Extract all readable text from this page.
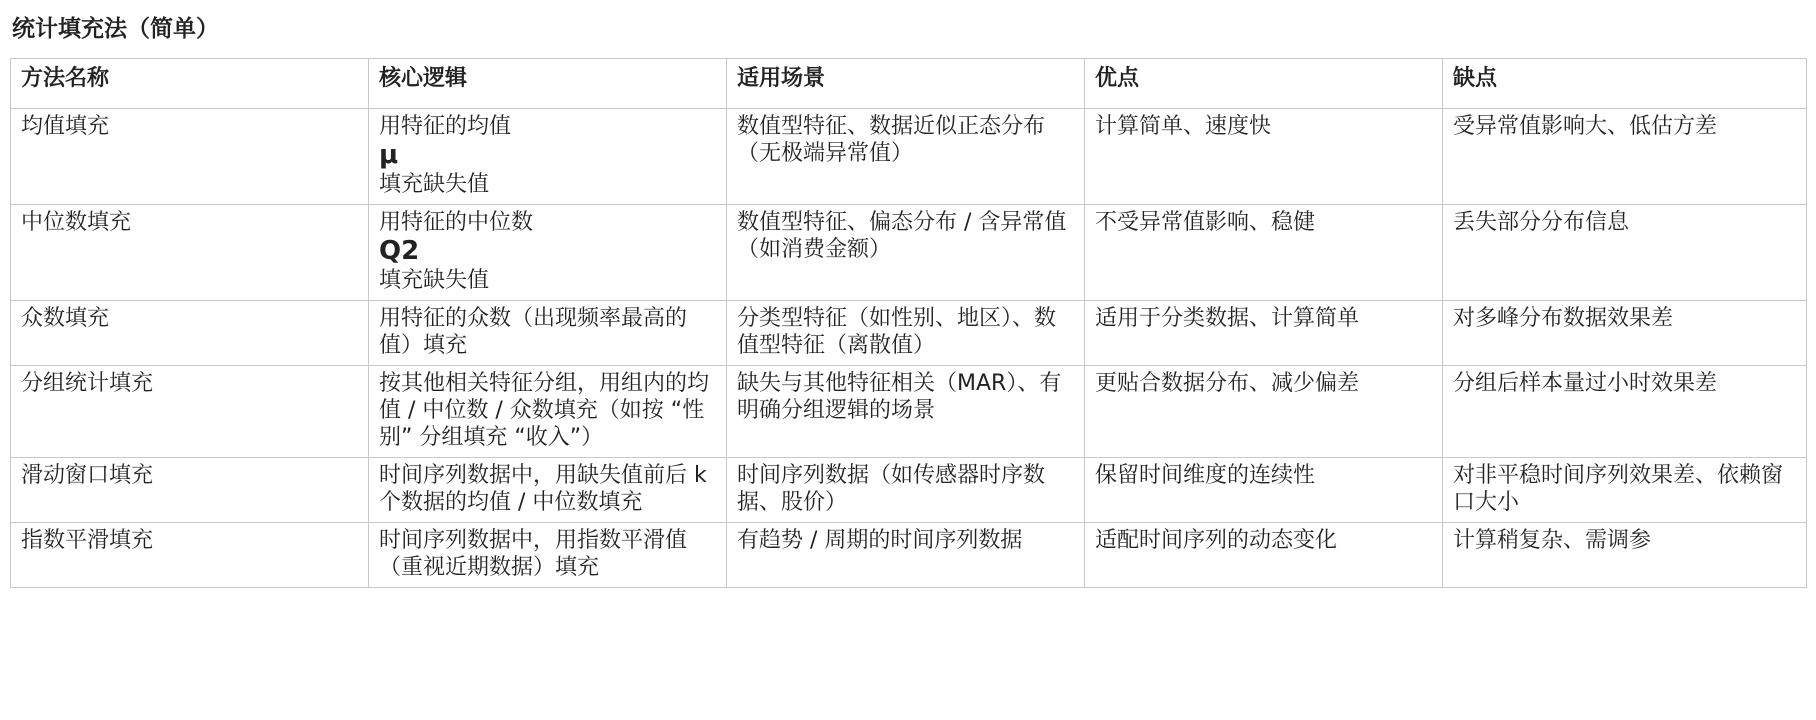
统计填充法（简单）
方法名称	核心逻辑	适用场景	优点	缺点
均值填充	用特征的均值
μ
填充缺失值	数值型特征、数据近似正态分布（无极端异常值）	计算简单、速度快	受异常值影响大、低估方差
中位数填充	用特征的中位数
Q2
填充缺失值	数值型特征、偏态分布 / 含异常值（如消费金额）	不受异常值影响、稳健	丢失部分分布信息
众数填充	用特征的众数（出现频率最高的值）填充	分类型特征（如性别、地区）、数值型特征（离散值）	适用于分类数据、计算简单	对多峰分布数据效果差
分组统计填充	按其他相关特征分组，用组内的均值 / 中位数 / 众数填充（如按 “性别” 分组填充 “收入”）	缺失与其他特征相关（MAR）、有明确分组逻辑的场景	更贴合数据分布、减少偏差	分组后样本量过小时效果差
滑动窗口填充	时间序列数据中，用缺失值前后 k 个数据的均值 / 中位数填充	时间序列数据（如传感器时序数据、股价）	保留时间维度的连续性	对非平稳时间序列效果差、依赖窗口大小
指数平滑填充	时间序列数据中，用指数平滑值（重视近期数据）填充	有趋势 / 周期的时间序列数据	适配时间序列的动态变化	计算稍复杂、需调参
